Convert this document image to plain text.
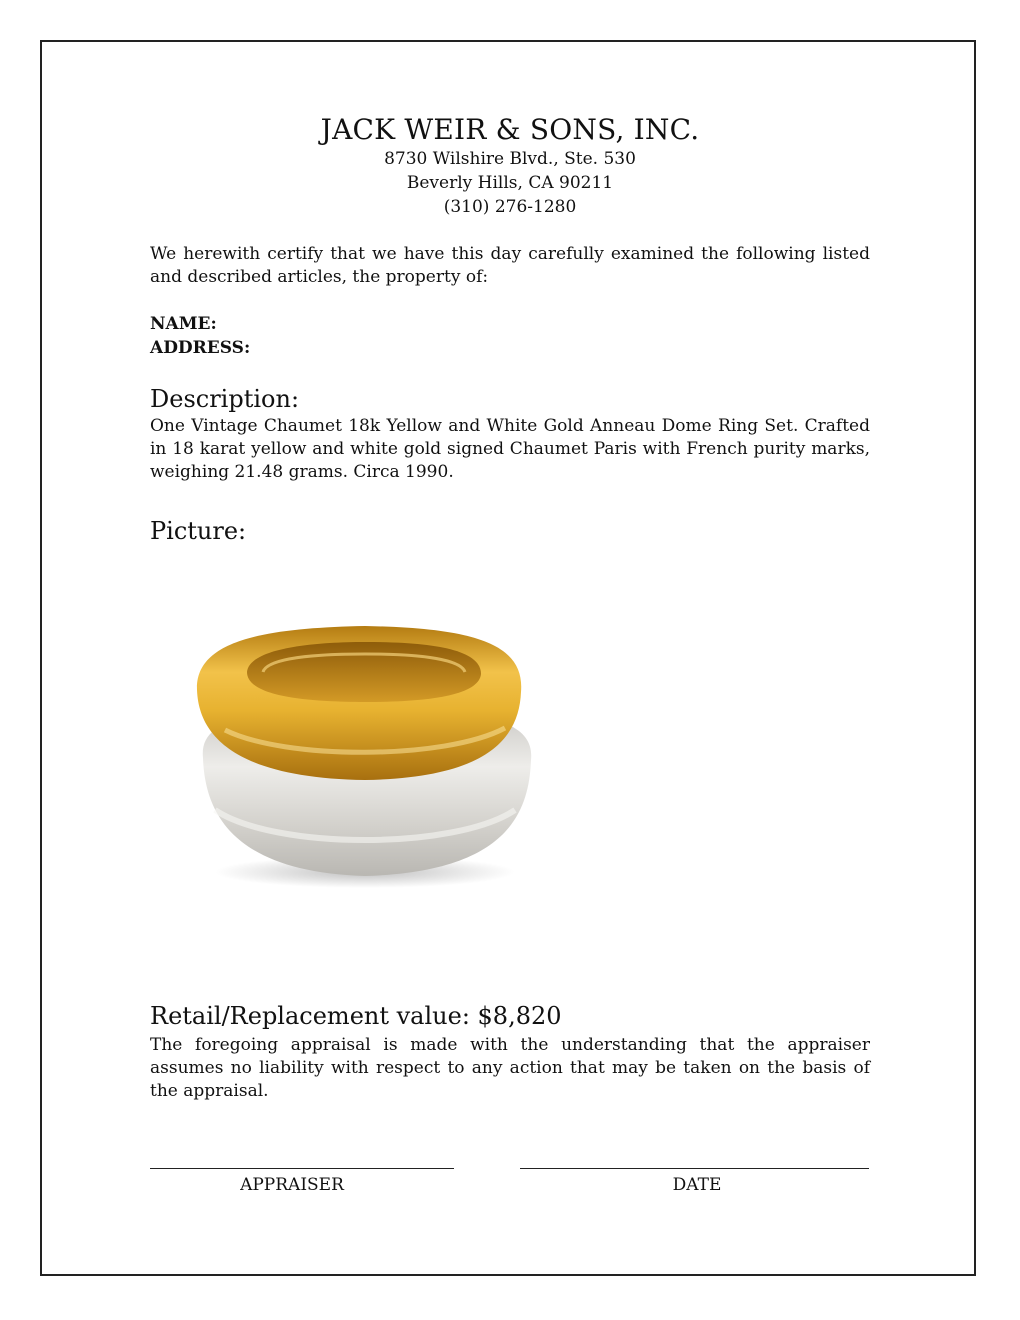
JACK WEIR & SONS, INC.
8730 Wilshire Blvd., Ste. 530
Beverly Hills, CA 90211
(310) 276-1280
We herewith certify that we have this day carefully examined the following listed and described articles, the property of:
NAME:
ADDRESS:
Description:
One Vintage Chaumet 18k Yellow and White Gold Anneau Dome Ring Set. Crafted in 18 karat yellow and white gold signed Chaumet Paris with French purity marks, weighing 21.48 grams. Circa 1990.
Picture:
Retail/Replacement value: $8,820
The foregoing appraisal is made with the understanding that the appraiser assumes no liability with respect to any action that may be taken on the basis of the appraisal.
APPRAISER	DATE
